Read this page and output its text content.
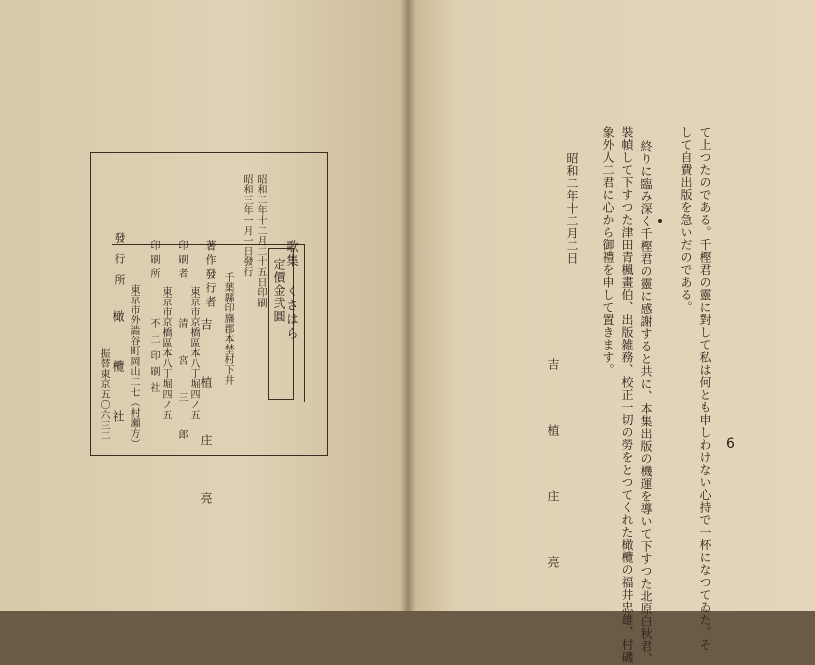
歌集 くさはら
定價金弐圓
昭和二年十二月二十五日印刷
昭和三年一月一日發行
千葉縣印旛郡本埜村下井
著作發行者
吉 植 庄 亮
東京市京橋區本八丁堀四ノ五
印刷者
清 宮 三 郎
東京市京橋區本八丁堀四ノ五
印刷所
不二印刷社
發行所
東京市外澁谷町岡山二七（村瀬方）
橄 欖 社
振替東京五〇六三二	て上つたのである。千樫君の靈に對して私は何とも申しわけない心持で一杯になつてゐた。そ
して自費出版を急いだのである。
終りに臨み深く千樫君の靈に感謝すると共に、本集出版の機運を導いて下すつた北原白秋君、
裝幀して下すつた津田青楓畫伯、出版雑務、校正一切の勞をとつてくれた橄欖の福井忠雄、村磯
象外人二君に心から御禮を申して置きます。
昭和二年十二月二日
吉 植 庄 亮	6
